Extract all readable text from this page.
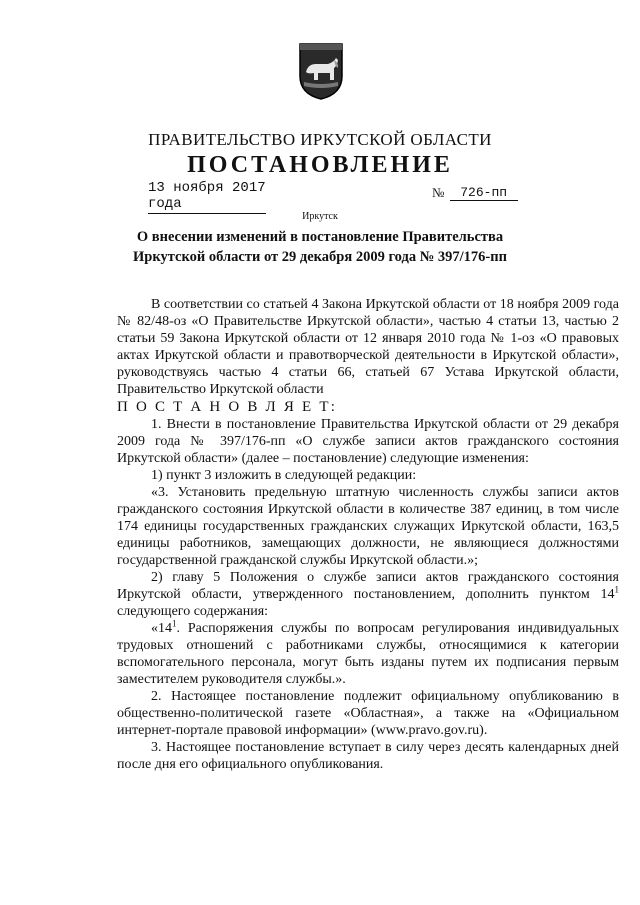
ПРАВИТЕЛЬСТВО ИРКУТСКОЙ ОБЛАСТИ
ПОСТАНОВЛЕНИЕ
13 ноября 2017 года
№ 726-пп
Иркутск
О внесении изменений в постановление Правительства Иркутской области от 29 декабря 2009 года № 397/176-пп

В соответствии со статьей 4 Закона Иркутской области от 18 ноября 2009 года № 82/48-оз «О Правительстве Иркутской области», частью 4 статьи 13, частью 2 статьи 59 Закона Иркутской области от 12 января 2010 года № 1-оз «О правовых актах Иркутской области и правотворческой деятельности в Иркутской области», руководствуясь частью 4 статьи 66, статьей 67 Устава Иркутской области, Правительство Иркутской области

П О С Т А Н О В Л Я Е Т:

1. Внести в постановление Правительства Иркутской области от 29 декабря 2009 года № 397/176-пп «О службе записи актов гражданского состояния Иркутской области» (далее – постановление) следующие изменения:

1) пункт 3 изложить в следующей редакции:

«3. Установить предельную штатную численность службы записи актов гражданского состояния Иркутской области в количестве 387 единиц, в том числе 174 единицы государственных гражданских служащих Иркутской области, 163,5 единицы работников, замещающих должности, не являющиеся должностями государственной гражданской службы Иркутской области.»;

2) главу 5 Положения о службе записи актов гражданского состояния Иркутской области, утвержденного постановлением, дополнить пунктом $14^1$ следующего содержания:

«$14^1$. Распоряжения службы по вопросам регулирования индивидуальных трудовых отношений с работниками службы, относящимися к категории вспомогательного персонала, могут быть изданы путем их подписания первым заместителем руководителя службы.».

2. Настоящее постановление подлежит официальному опубликованию в общественно-политической газете «Областная», а также на «Официальном интернет-портале правовой информации» (www.pravo.gov.ru).

3. Настоящее постановление вступает в силу через десять календарных дней после дня его официального опубликования.
